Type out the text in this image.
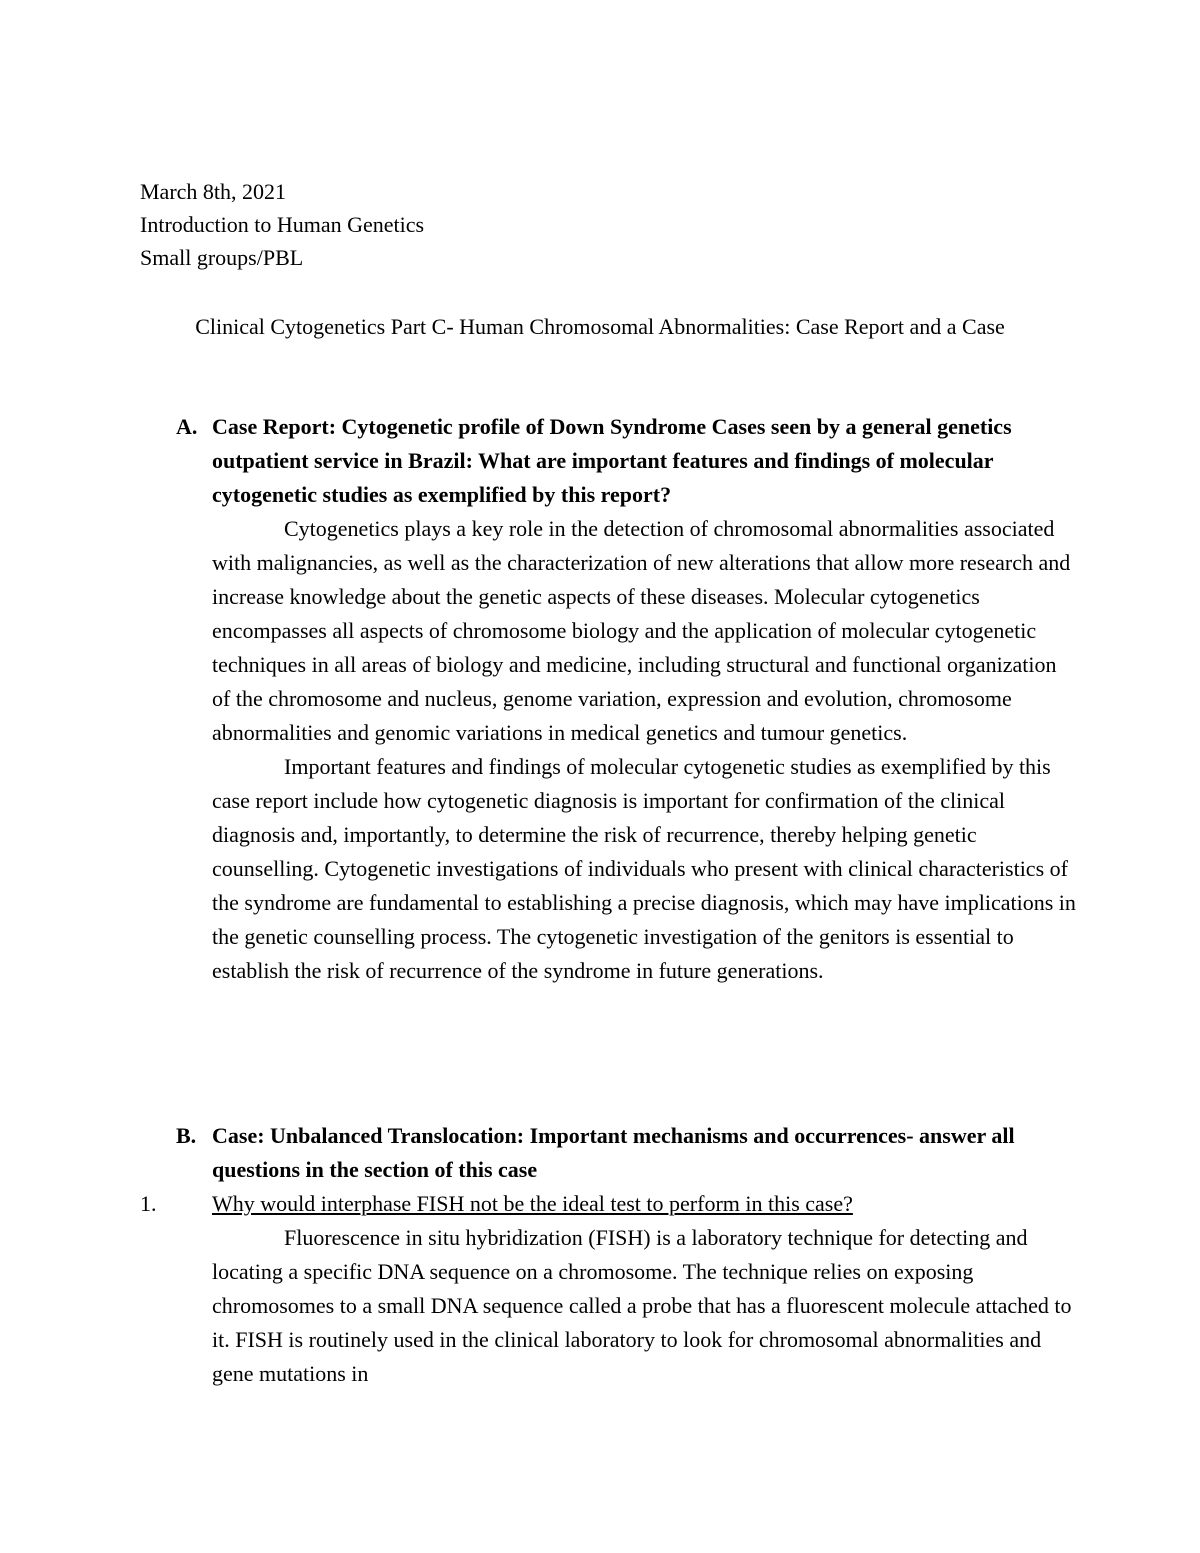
March 8th, 2021
Introduction to Human Genetics
Small groups/PBL
Clinical Cytogenetics Part C- Human Chromosomal Abnormalities: Case Report and a Case
A. Case Report: Cytogenetic profile of Down Syndrome Cases seen by a general genetics outpatient service in Brazil: What are important features and findings of molecular cytogenetic studies as exemplified by this report?
Cytogenetics plays a key role in the detection of chromosomal abnormalities associated with malignancies, as well as the characterization of new alterations that allow more research and increase knowledge about the genetic aspects of these diseases. Molecular cytogenetics encompasses all aspects of chromosome biology and the application of molecular cytogenetic techniques in all areas of biology and medicine, including structural and functional organization of the chromosome and nucleus, genome variation, expression and evolution, chromosome abnormalities and genomic variations in medical genetics and tumour genetics.
Important features and findings of molecular cytogenetic studies as exemplified by this case report include how cytogenetic diagnosis is important for confirmation of the clinical diagnosis and, importantly, to determine the risk of recurrence, thereby helping genetic counselling. Cytogenetic investigations of individuals who present with clinical characteristics of the syndrome are fundamental to establishing a precise diagnosis, which may have implications in the genetic counselling process. The cytogenetic investigation of the genitors is essential to establish the risk of recurrence of the syndrome in future generations.
B. Case: Unbalanced Translocation: Important mechanisms and occurrences- answer all questions in the section of this case
1.	Why would interphase FISH not be the ideal test to perform in this case?
Fluorescence in situ hybridization (FISH) is a laboratory technique for detecting and locating a specific DNA sequence on a chromosome. The technique relies on exposing chromosomes to a small DNA sequence called a probe that has a fluorescent molecule attached to it. FISH is routinely used in the clinical laboratory to look for chromosomal abnormalities and gene mutations in
